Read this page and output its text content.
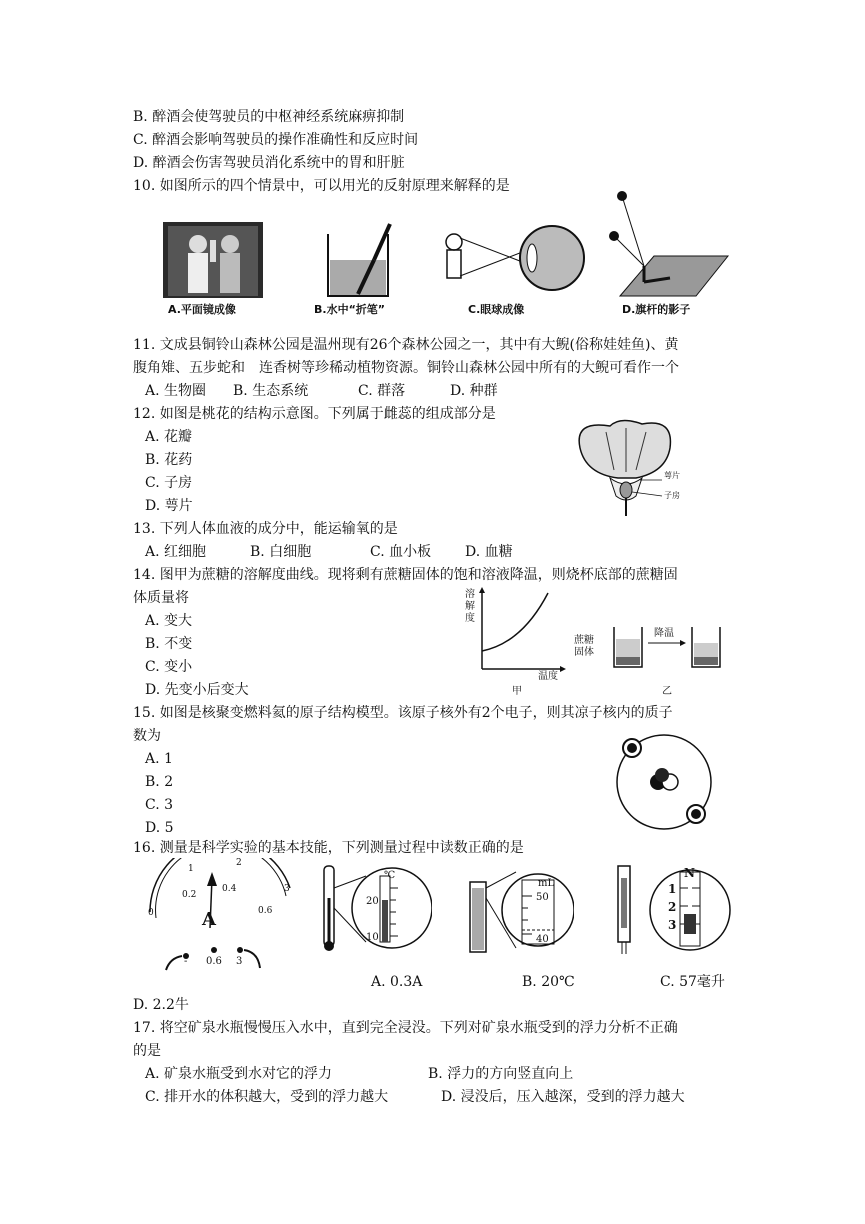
B. 醉酒会使驾驶员的中枢神经系统麻痹抑制
C. 醉酒会影响驾驶员的操作准确性和反应时间
D. 醉酒会伤害驾驶员消化系统中的胃和肝脏
10. 如图所示的四个情景中，可以用光的反射原理来解释的是
A.平面镜成像	B.水中“折笔”	C.眼球成像	D.旗杆的影子
11. 文成县铜铃山森林公园是温州现有26个森林公园之一，其中有大鲵(俗称娃娃鱼)、黄
腹角雉、五步蛇和　连香树等珍稀动植物资源。铜铃山森林公园中所有的大鲵可看作一个
A. 生物圈 B. 生态系统	C. 群落	D. 种群
12. 如图是桃花的结构示意图。下列属于雌蕊的组成部分是
A. 花瓣
B. 花药
C. 子房
D. 萼片
萼片
子房
13. 下列人体血液的成分中，能运输氧的是
A. 红细胞	B. 白细胞	C. 血小板 D. 血糖
14. 图甲为蔗糖的溶解度曲线。现将剩有蔗糖固体的饱和溶液降温，则烧杯底部的蔗糖固
体质量将
A. 变大
B. 不变
C. 变小
D. 先变小后变大
溶解度
温度
甲	乙
蔗糖固体
降温
15. 如图是核聚变燃料氦的原子结构模型。该原子核外有2个电子，则其凉子核内的质子
数为
A. 1
B. 2
C. 3
D. 5
16. 测量是科学实验的基本技能，下列测量过程中读数正确的是
0
0.2
0.4
0.6
1
2
3
A
- 0.6 3
℃
20
10
mL
50
40
N
1
2
3
A. 0.3A	B. 20℃	C. 57毫升
D. 2.2牛
17. 将空矿泉水瓶慢慢压入水中，直到完全浸没。下列对矿泉水瓶受到的浮力分析不正确
的是
A. 矿泉水瓶受到水对它的浮力	B. 浮力的方向竖直向上
C. 排开水的体积越大，受到的浮力越大	D. 浸没后，压入越深，受到的浮力越大
